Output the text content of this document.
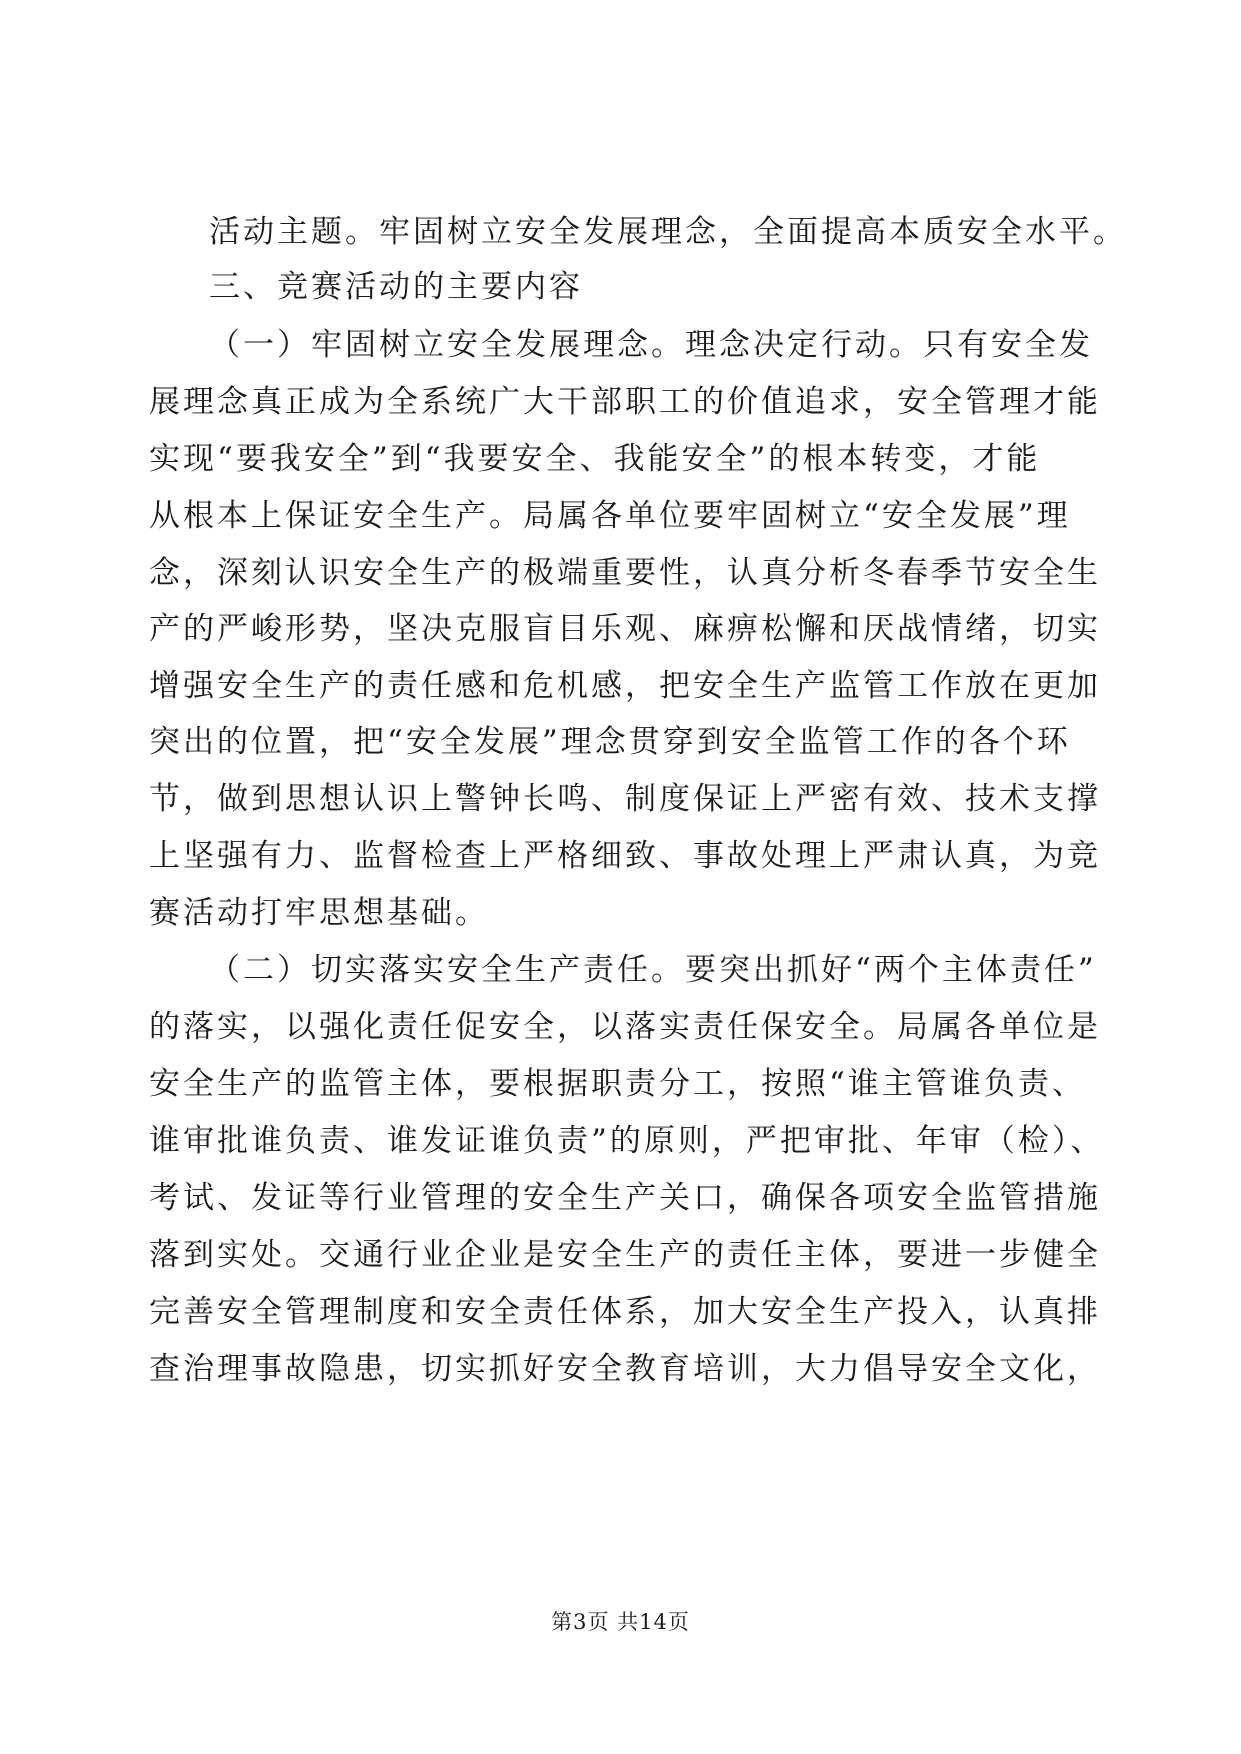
活动主题。牢固树立安全发展理念，全面提高本质安全水平。
三、竞赛活动的主要内容
（一）牢固树立安全发展理念。理念决定行动。只有安全发
展理念真正成为全系统广大干部职工的价值追求，安全管理才能
实现“要我安全”到“我要安全、我能安全”的根本转变，才能
从根本上保证安全生产。局属各单位要牢固树立“安全发展”理
念，深刻认识安全生产的极端重要性，认真分析冬春季节安全生
产的严峻形势，坚决克服盲目乐观、麻痹松懈和厌战情绪，切实
增强安全生产的责任感和危机感，把安全生产监管工作放在更加
突出的位置，把“安全发展”理念贯穿到安全监管工作的各个环
节，做到思想认识上警钟长鸣、制度保证上严密有效、技术支撑
上坚强有力、监督检查上严格细致、事故处理上严肃认真，为竞
赛活动打牢思想基础。
（二）切实落实安全生产责任。要突出抓好“两个主体责任”
的落实，以强化责任促安全，以落实责任保安全。局属各单位是
安全生产的监管主体，要根据职责分工，按照“谁主管谁负责、
谁审批谁负责、谁发证谁负责”的原则，严把审批、年审（检）、
考试、发证等行业管理的安全生产关口，确保各项安全监管措施
落到实处。交通行业企业是安全生产的责任主体，要进一步健全
完善安全管理制度和安全责任体系，加大安全生产投入，认真排
查治理事故隐患，切实抓好安全教育培训，大力倡导安全文化，
第3页 共14页
